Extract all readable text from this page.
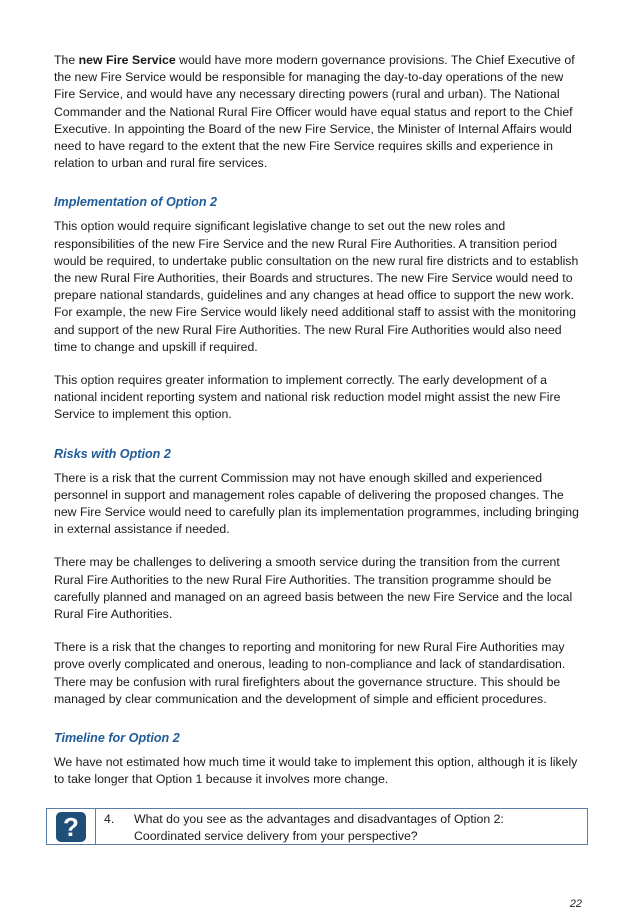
The new Fire Service would have more modern governance provisions. The Chief Executive of the new Fire Service would be responsible for managing the day-to-day operations of the new Fire Service, and would have any necessary directing powers (rural and urban). The National Commander and the National Rural Fire Officer would have equal status and report to the Chief Executive. In appointing the Board of the new Fire Service, the Minister of Internal Affairs would need to have regard to the extent that the new Fire Service requires skills and experience in relation to urban and rural fire services.

Implementation of Option 2

This option would require significant legislative change to set out the new roles and responsibilities of the new Fire Service and the new Rural Fire Authorities. A transition period would be required, to undertake public consultation on the new rural fire districts and to establish the new Rural Fire Authorities, their Boards and structures. The new Fire Service would need to prepare national standards, guidelines and any changes at head office to support the new work. For example, the new Fire Service would likely need additional staff to assist with the monitoring and support of the new Rural Fire Authorities. The new Rural Fire Authorities would also need time to change and upskill if required.

This option requires greater information to implement correctly. The early development of a national incident reporting system and national risk reduction model might assist the new Fire Service to implement this option.

Risks with Option 2

There is a risk that the current Commission may not have enough skilled and experienced personnel in support and management roles capable of delivering the proposed changes. The new Fire Service would need to carefully plan its implementation programmes, including bringing in external assistance if needed.

There may be challenges to delivering a smooth service during the transition from the current Rural Fire Authorities to the new Rural Fire Authorities. The transition programme should be carefully planned and managed on an agreed basis between the new Fire Service and the local Rural Fire Authorities.

There is a risk that the changes to reporting and monitoring for new Rural Fire Authorities may prove overly complicated and onerous, leading to non-compliance and lack of standardisation. There may be confusion with rural firefighters about the governance structure. This should be managed by clear communication and the development of simple and efficient procedures.

Timeline for Option 2

We have not estimated how much time it would take to implement this option, although it is likely to take longer that Option 1 because it involves more change.

?	4.	What do you see as the advantages and disadvantages of Option 2:
Coordinated service delivery from your perspective?
22
